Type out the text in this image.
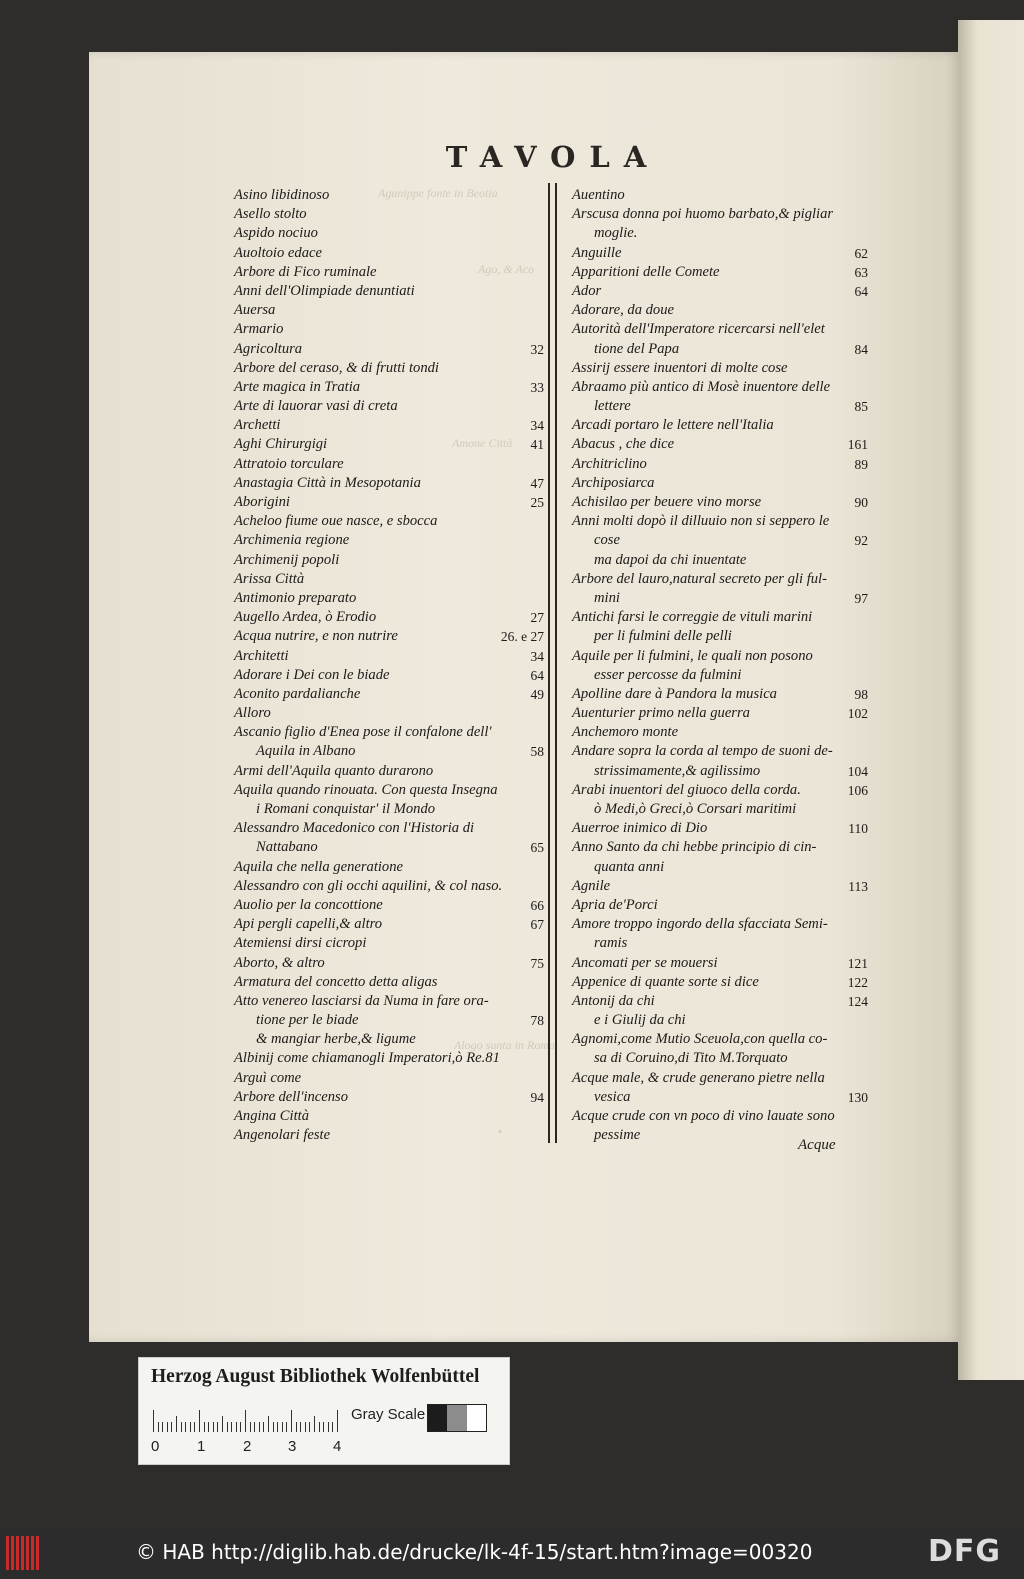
Aganippe fonte in Beotia
Ago, & Aco
Amone Città
Alogo sunta in Roma
TAVOLA
Asino libidinoso
Asello stolto
Aspido nociuo
Auoltoio edace
Arbore di Fico ruminale
Anni dell'Olimpiade denuntiati
Auersa
Armario
Agricoltura	32
Arbore del ceraso, & di frutti tondi
Arte magica in Tratia	33
Arte di lauorar vasi di creta
Archetti	34
Aghi Chirurgigi	41
Attratoio torculare
Anastagia Città in Mesopotania	47
Aborigini	25
Acheloo fiume oue nasce, e sbocca
Archimenia regione
Archimenij popoli
Arissa Città
Antimonio preparato
Augello Ardea, ò Erodio	27
Acqua nutrire, e non nutrire	26. e 27
Architetti	34
Adorare i Dei con le biade	64
Aconito pardalianche	49
Alloro
Ascanio figlio d'Enea pose il confalone dell'
Aquila in Albano	58
Armi dell'Aquila quanto durarono
Aquila quando rinouata. Con questa Insegna
i Romani conquistar' il Mondo
Alessandro Macedonico con l'Historia di
Nattabano	65
Aquila che nella generatione
Alessandro con gli occhi aquilini, & col naso.
Auolio per la concottione	66
Api pergli capelli,& altro	67
Atemiensi dirsi cicropi
Aborto, & altro	75
Armatura del concetto detta aligas
Atto venereo lasciarsi da Numa in fare ora-
tione per le biade	78
& mangiar herbe,& ligume
Albinij come chiamanogli Imperatori,ò Re.81
Arguì come
Arbore dell'incenso	94
Angina Città
Angenolari feste
Auentino
Arscusa donna poi huomo barbato,& pigliar
moglie.
Anguille	62
Apparitioni delle Comete	63
Ador	64
Adorare, da doue
Autorità dell'Imperatore ricercarsi nell'elet
tione del Papa	84
Assirij essere inuentori di molte cose
Abraamo più antico di Mosè inuentore delle
lettere	85
Arcadi portaro le lettere nell'Italia
Abacus , che dice	161
Architriclino	89
Archiposiarca
Achisilao per beuere vino morse	90
Anni molti dopò il dilluuio non si seppero le
cose	92
ma dapoi da chi inuentate
Arbore del lauro,natural secreto per gli ful-
mini	97
Antichi farsi le correggie de vituli marini
per li fulmini delle pelli
Aquile per li fulmini, le quali non posono
esser percosse da fulmini
Apolline dare à Pandora la musica	98
Auenturier primo nella guerra	102
Anchemoro monte
Andare sopra la corda al tempo de suoni de-
strissimamente,& agilissimo	104
Arabi inuentori del giuoco della corda.	106
ò Medi,ò Greci,ò Corsari maritimi
Auerroe inimico di Dio	110
Anno Santo da chi hebbe principio di cin-
quanta anni
Agnile	113
Apria de'Porci
Amore troppo ingordo della sfacciata Semi-
ramis
Ancomati per se mouersi	121
Appenice di quante sorte si dice	122
Antonij da chi	124
e i Giulij da chi
Agnomi,come Mutio Sceuola,con quella co-
sa di Coruino,di Tito M.Torquato
Acque male, & crude generano pietre nella
vesica	130
Acque crude con vn poco di vino lauate sono
pessime
Acque
◦
Herzog August Bibliothek Wolfenbüttel
0	1	2 3 4
Gray Scale
© HAB http://diglib.hab.de/drucke/lk-4f-15/start.htm?image=00320	DFG
